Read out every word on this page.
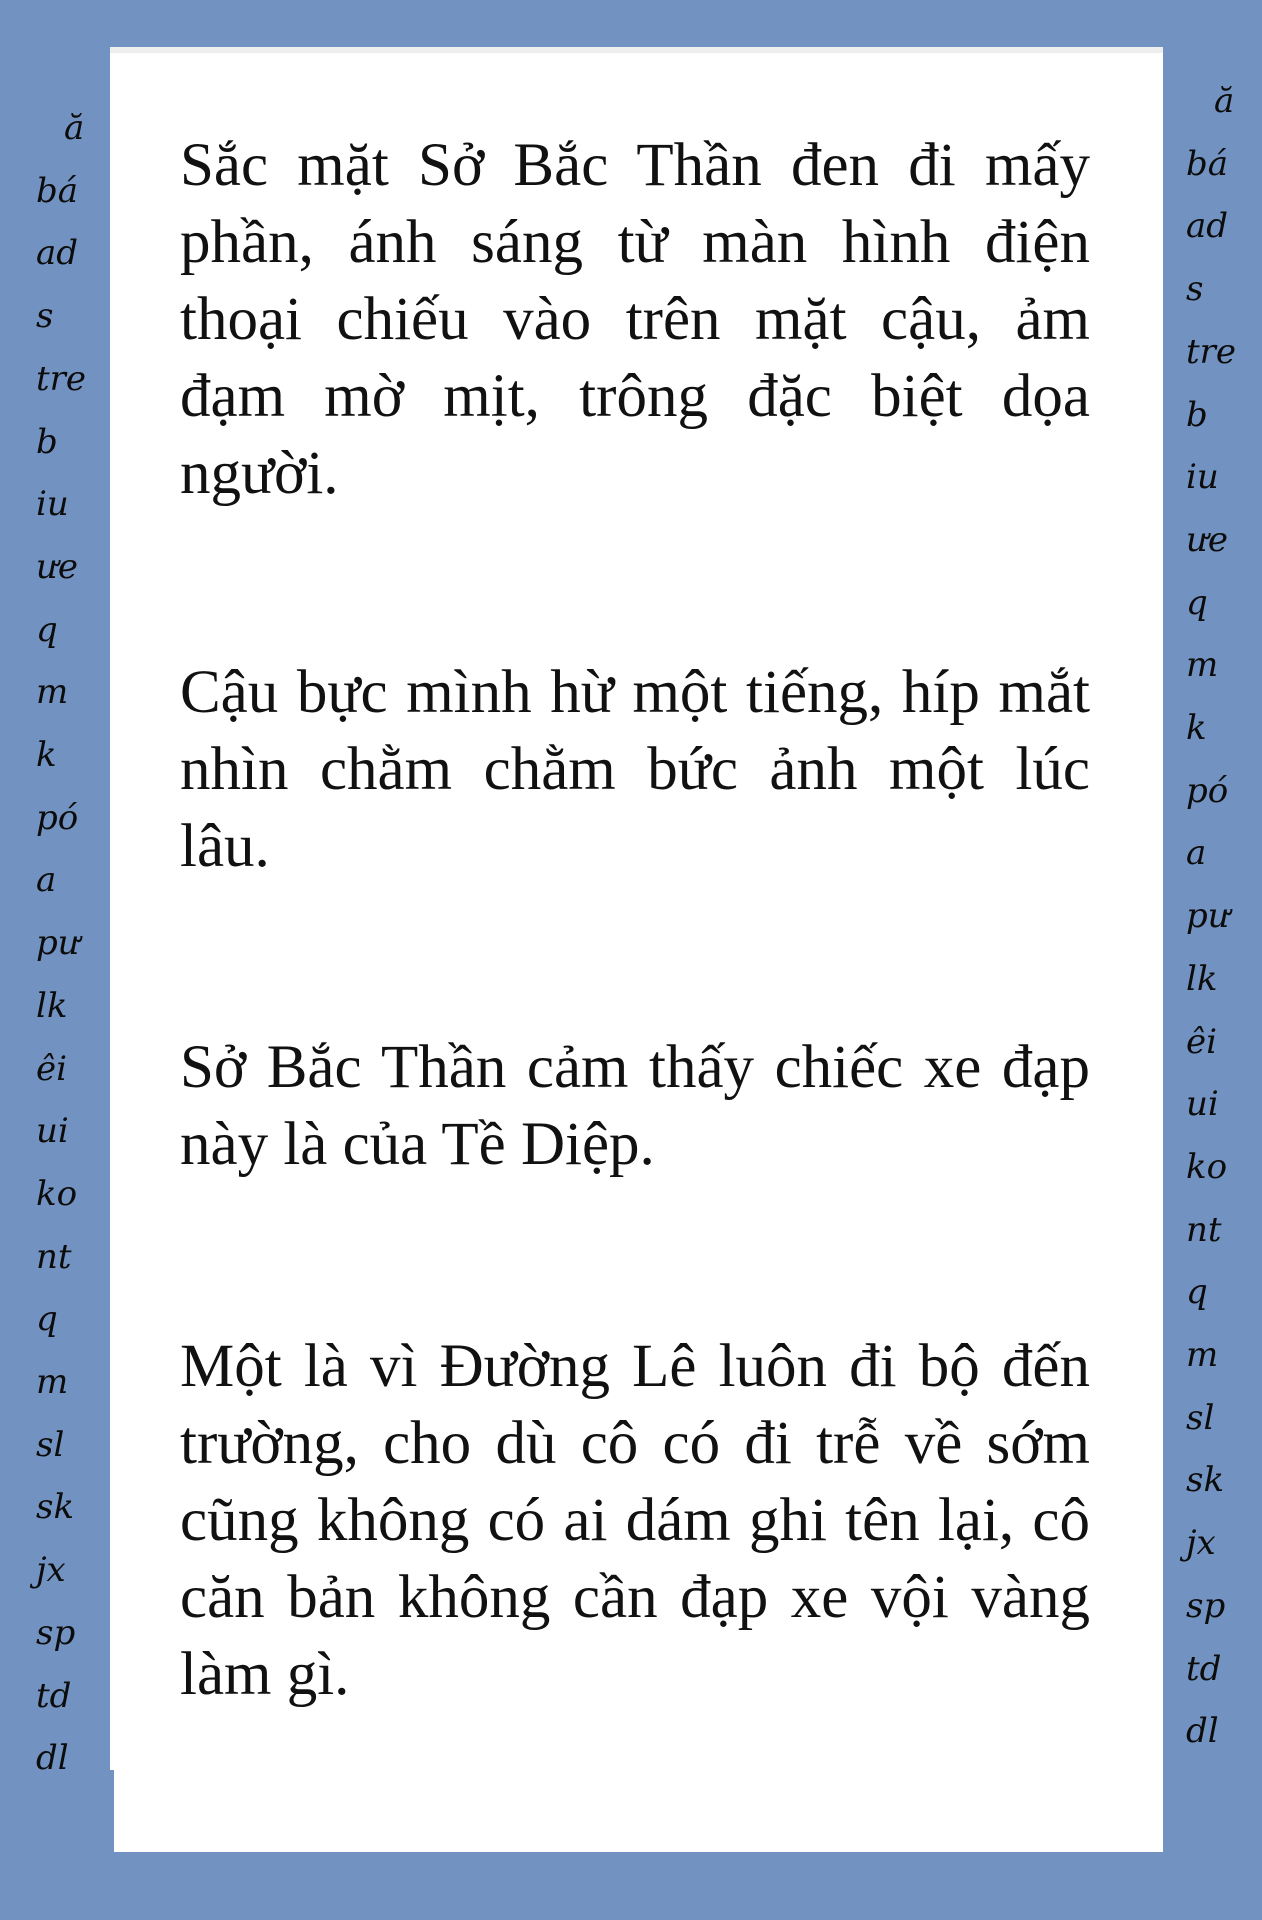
Sắc mặt Sở Bắc Thần đen đi mấy phần, ánh sáng từ màn hình điện thoại chiếu vào trên mặt cậu, ảm đạm mờ mịt, trông đặc biệt dọa người.

Cậu bực mình hừ một tiếng, híp mắt nhìn chằm chằm bức ảnh một lúc lâu.

Sở Bắc Thần cảm thấy chiếc xe đạp này là của Tề Diệp.

Một là vì Đường Lê luôn đi bộ đến trường, cho dù cô có đi trễ về sớm cũng không có ai dám ghi tên lại, cô căn bản không cần đạp xe vội vàng làm gì.

ă
bá
ad
s
tre
b
iu
ưe
q
m
k
pó
a
pư
lk
êi
ui
ko
nt
q
m
sl
sk
jx
sp
td
dl
ă
bá
ad
s
tre
b
iu
ưe
q
m
k
pó
a
pư
lk
êi
ui
ko
nt
q
m
sl
sk
jx
sp
td
dl
